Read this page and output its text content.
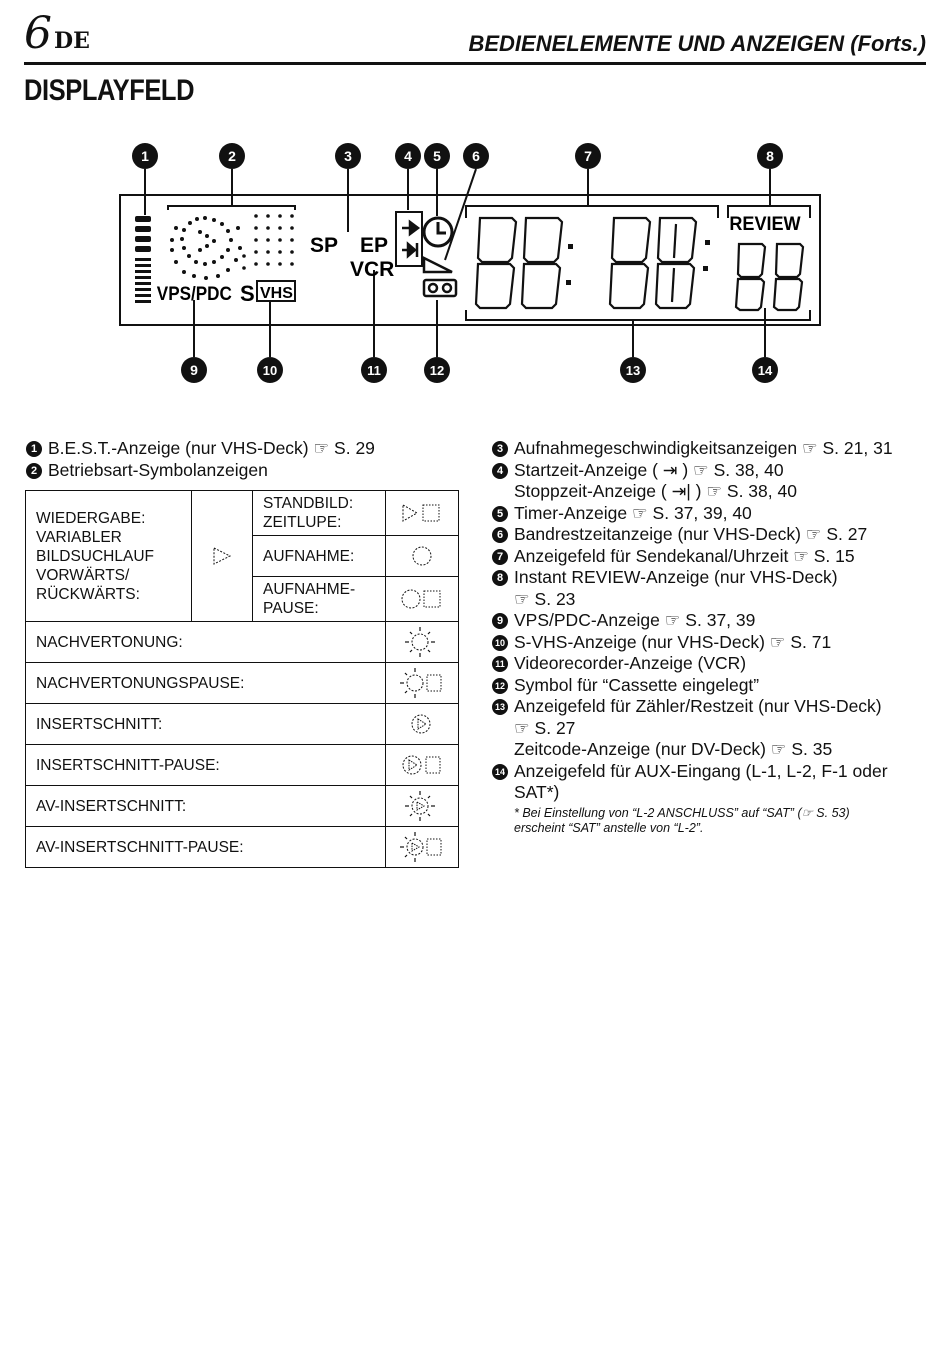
6DE	BEDIENELEMENTE UND ANZEIGEN (Forts.)
DISPLAYFELD
1	2	3	4 5 6	7	8
9	10	11	12	13	14
VPS/PDC S VHS
SP EP
VCR
REVIEW
1 B.E.S.T.-Anzeige (nur VHS-Deck) ☞ S. 29
2 Betriebsart-Symbolanzeigen
WIEDERGABE:
VARIABLER
BILDSUCHLAUF
VORWÄRTS/
RÜCKWÄRTS:		STANDBILD:
ZEITLUPE:	

		AUFNAHME:	

		AUFNAHME-
PAUSE:	

NACHVERTONUNG:	

NACHVERTONUNGSPAUSE:	

INSERTSCHNITT:	

INSERTSCHNITT-PAUSE:	

AV-INSERTSCHNITT:	

AV-INSERTSCHNITT-PAUSE:	
3 Aufnahmegeschwindigkeitsanzeigen ☞ S. 21, 31
4 Startzeit-Anzeige ( ⇥ ) ☞ S. 38, 40
Stoppzeit-Anzeige ( ⇥| ) ☞ S. 38, 40
5 Timer-Anzeige ☞ S. 37, 39, 40
6 Bandrestzeitanzeige (nur VHS-Deck) ☞ S. 27
7 Anzeigefeld für Sendekanal/Uhrzeit ☞ S. 15
8 Instant REVIEW-Anzeige (nur VHS-Deck)
☞ S. 23
9 VPS/PDC-Anzeige ☞ S. 37, 39
10 S-VHS-Anzeige (nur VHS-Deck) ☞ S. 71
11 Videorecorder-Anzeige (VCR)
12 Symbol für “Cassette eingelegt”
13 Anzeigefeld für Zähler/Restzeit (nur VHS-Deck)
☞ S. 27
Zeitcode-Anzeige (nur DV-Deck) ☞ S. 35
14 Anzeigefeld für AUX-Eingang (L-1, L-2, F-1 oder
SAT*)
* Bei Einstellung von “L-2 ANSCHLUSS” auf “SAT” (☞ S. 53)
erscheint “SAT” anstelle von “L-2”.
